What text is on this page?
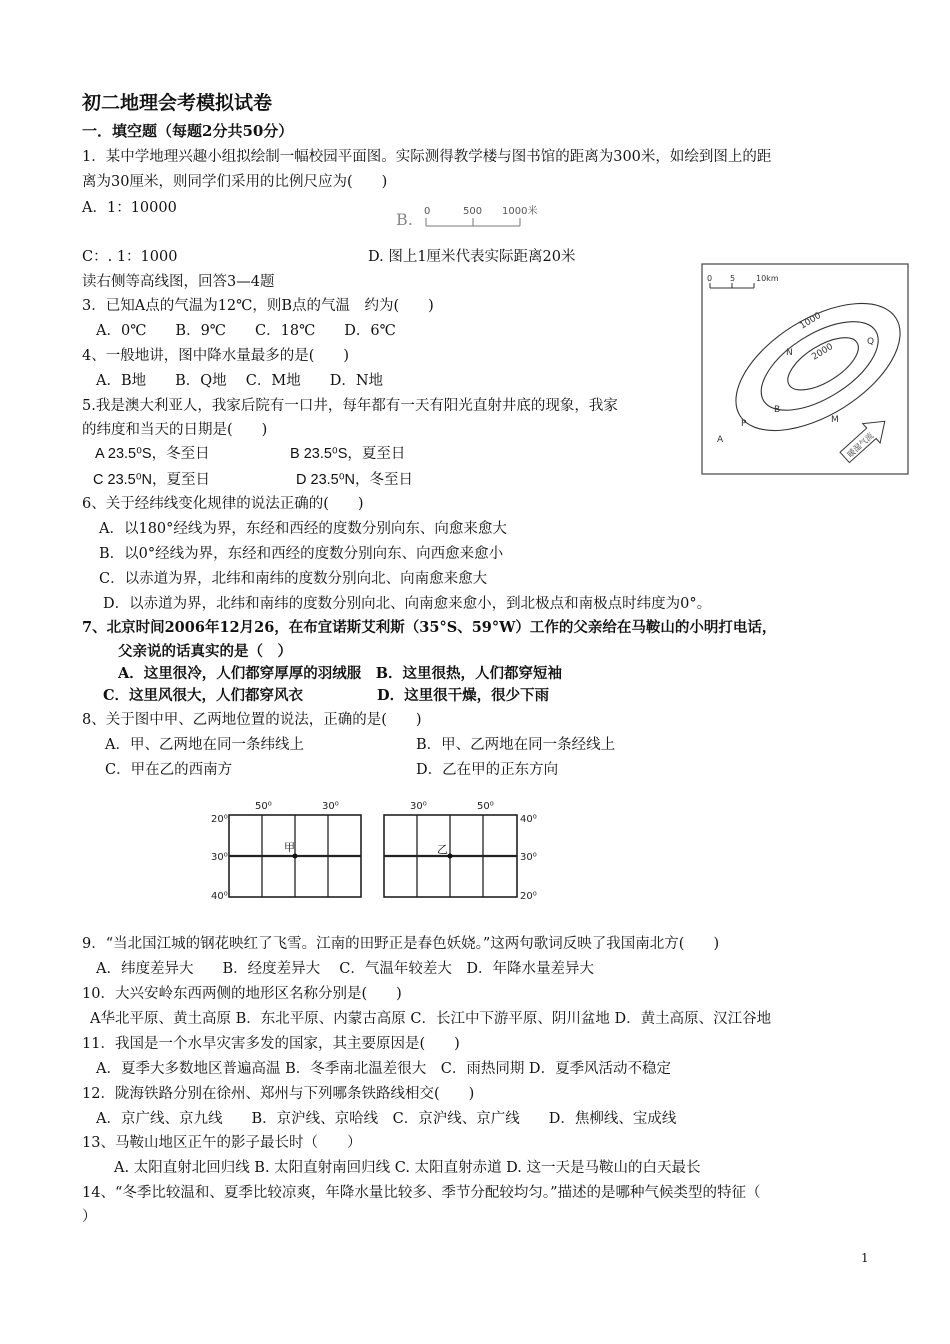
初二地理会考模拟试卷
一．填空题（每题2分共50分）
1．某中学地理兴趣小组拟绘制一幅校园平面图。实际测得教学楼与图书馆的距离为300米，如绘到图上的距
离为30厘米，则同学们采用的比例尺应为(　　)
A．1：10000
B. 0	500 1000米
C：. 1：1000	D. 图上1厘米代表实际距离20米
读右侧等高线图，回答3—4题	0 5	10km
1000
2000
A
P
B
M
N
Q
暖湿气流
3．已知A点的气温为12℃，则B点的气温　约为(　　)
A．0℃　　B．9℃　　C．18℃　　D．6℃
4、一般地讲，图中降水量最多的是(　　)
A．B地　　B．Q地　 C．M地　　D．N地
5.我是澳大利亚人，我家后院有一口井，每年都有一天有阳光直射井底的现象，我家
的纬度和当天的日期是(　　)
A 23.5⁰S，冬至日	B 23.5⁰S，夏至日
C 23.5⁰N，夏至日	D 23.5⁰N，冬至日
6、关于经纬线变化规律的说法正确的(　　)
A．以180°经线为界，东经和西经的度数分别向东、向愈来愈大
B．以0°经线为界，东经和西经的度数分别向东、向西愈来愈小
C．以赤道为界，北纬和南纬的度数分别向北、向南愈来愈大
D．以赤道为界，北纬和南纬的度数分别向北、向南愈来愈小，到北极点和南极点时纬度为0°。
7、北京时间2006年12月26，在布宜诺斯艾利斯（35°S、59°W）工作的父亲给在马鞍山的小明打电话，
父亲说的话真实的是（　）
A．这里很冷，人们都穿厚厚的羽绒服　B．这里很热，人们都穿短袖
C．这里风很大，人们都穿风衣	D．这里很干燥，很少下雨
8、关于图中甲、乙两地位置的说法，正确的是(　　)
A．甲、乙两地在同一条纬线上	B．甲、乙两地在同一条经线上
C．甲在乙的西南方	D．乙在甲的正东方向
50⁰	30⁰
20⁰
30⁰
40⁰
甲
30⁰	50⁰
40⁰
30⁰
20⁰
乙
9．“当北国江城的钢花映红了飞雪。江南的田野正是春色妖娆。”这两句歌词反映了我国南北方(　　)
A．纬度差异大　　B．经度差异大　 C．气温年较差大　D．年降水量差异大
10．大兴安岭东西两侧的地形区名称分别是(　　)
A华北平原、黄土高原 B．东北平原、内蒙古高原 C．长江中下游平原、阴川盆地 D．黄土高原、汉江谷地
11．我国是一个水旱灾害多发的国家，其主要原因是(　　)
A．夏季大多数地区普遍高温 B．冬季南北温差很大　C．雨热同期 D．夏季风活动不稳定
12．陇海铁路分别在徐州、郑州与下列哪条铁路线相交(　　)
A．京广线、京九线　　B．京沪线、京哈线　C．京沪线、京广线　　D．焦柳线、宝成线
13、马鞍山地区正午的影子最长时（　　）
A. 太阳直射北回归线 B. 太阳直射南回归线 C. 太阳直射赤道 D. 这一天是马鞍山的白天最长
14、“冬季比较温和、夏季比较凉爽，年降水量比较多、季节分配较均匀。”描述的是哪种气候类型的特征（
）
1
